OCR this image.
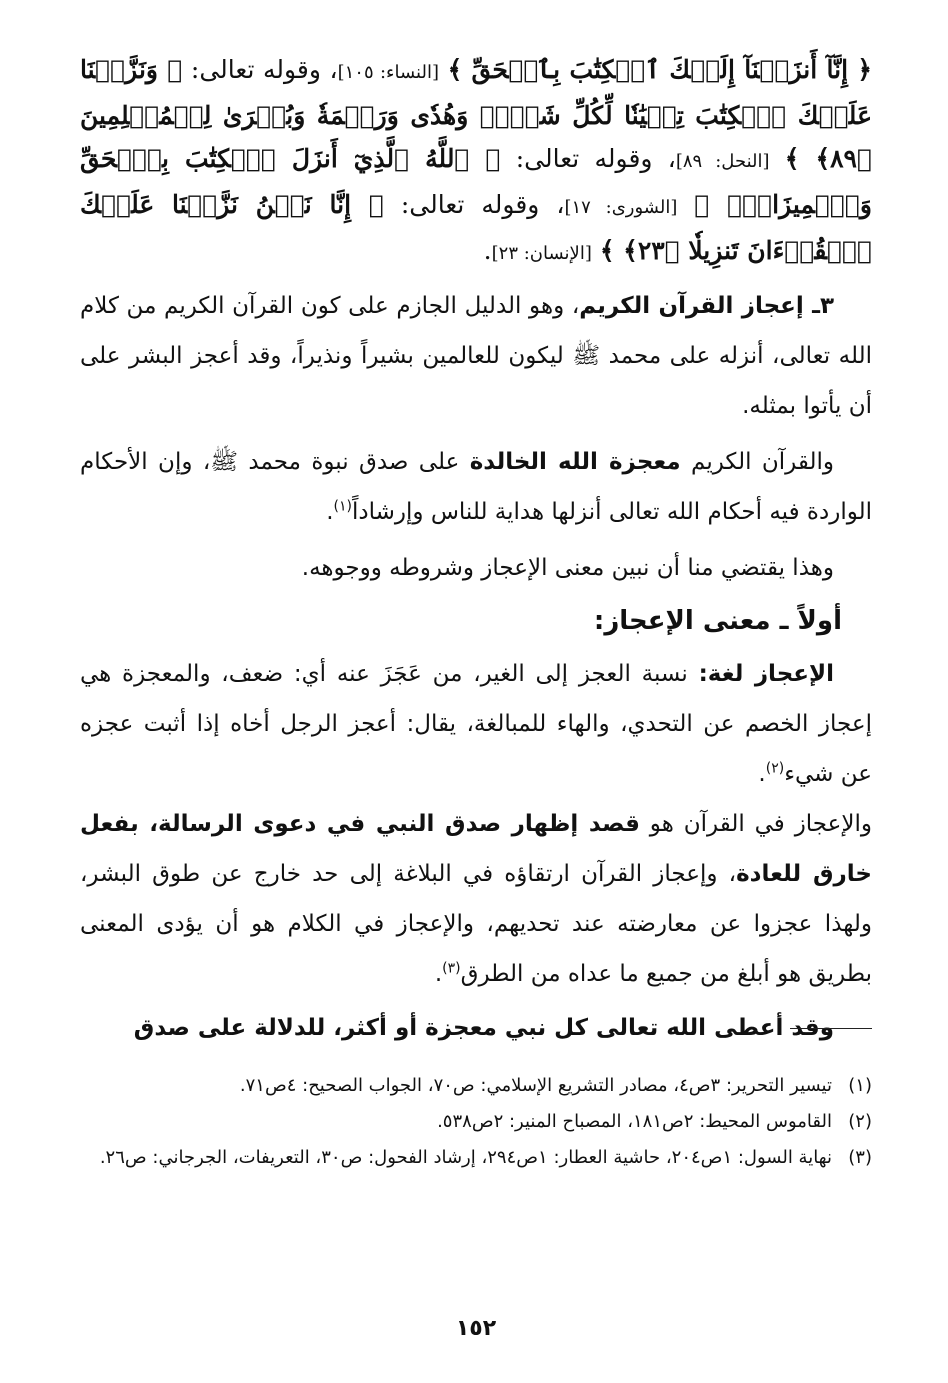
﴿ إِنَّآ أَنزَلۡنَآ إِلَيۡكَ ٱلۡكِتَٰبَ بِٱلۡحَقِّ ﴾ [النساء: ١٠٥]، وقوله تعالى: ﴿ وَنَزَّلۡنَا عَلَيۡكَ ٱلۡكِتَٰبَ تِبۡيَٰنٗا لِّكُلِّ شَيۡءٖ وَهُدٗى وَرَحۡمَةٗ وَبُشۡرَىٰ لِلۡمُسۡلِمِينَ ﴿٨٩﴾ ﴾ [النحل: ٨٩]، وقوله تعالى: ﴿ ٱللَّهُ ٱلَّذِيٓ أَنزَلَ ٱلۡكِتَٰبَ بِٱلۡحَقِّ وَٱلۡمِيزَانَۗ ﴾ [الشورى: ١٧]، وقوله تعالى: ﴿ إِنَّا نَحۡنُ نَزَّلۡنَا عَلَيۡكَ ٱلۡقُرۡءَانَ تَنزِيلٗا ﴿٢٣﴾ ﴾ [الإنسان: ٢٣].

٣ـ إعجاز القرآن الكريم، وهو الدليل الجازم على كون القرآن الكريم من كلام الله تعالى، أنزله على محمد ﷺ ليكون للعالمين بشيراً ونذيراً، وقد أعجز البشر على أن يأتوا بمثله.

والقرآن الكريم معجزة الله الخالدة على صدق نبوة محمد ﷺ، وإن الأحكام الواردة فيه أحكام الله تعالى أنزلها هداية للناس وإرشاداً$^{(١)}$.

وهذا يقتضي منا أن نبين معنى الإعجاز وشروطه ووجوهه.

أولاً ـ معنى الإعجاز:

الإعجاز لغة: نسبة العجز إلى الغير، من عَجَزَ عنه أي: ضعف، والمعجزة هي إعجاز الخصم عن التحدي، والهاء للمبالغة، يقال: أعجز الرجل أخاه إذا أثبت عجزه عن شيء$^{(٢)}$.

والإعجاز في القرآن هو قصد إظهار صدق النبي في دعوى الرسالة، بفعل خارق للعادة، وإعجاز القرآن ارتقاؤه في البلاغة إلى حد خارج عن طوق البشر، ولهذا عجزوا عن معارضته عند تحديهم، والإعجاز في الكلام هو أن يؤدى المعنى بطريق هو أبلغ من جميع ما عداه من الطرق$^{(٣)}$.

وقد أعطى الله تعالى كل نبي معجزة أو أكثر، للدلالة على صدق

(١)
تيسير التحرير: ٣ص٤، مصادر التشريع الإسلامي: ص٧٠، الجواب الصحيح: ٤ص٧١.
(٢)
القاموس المحيط: ٢ص١٨١، المصباح المنير: ٢ص٥٣٨.
(٣)
نهاية السول: ١ص٢٠٤، حاشية العطار: ١ص٢٩٤، إرشاد الفحول: ص٣٠، التعريفات، الجرجاني: ص٢٦.
١٥٢
